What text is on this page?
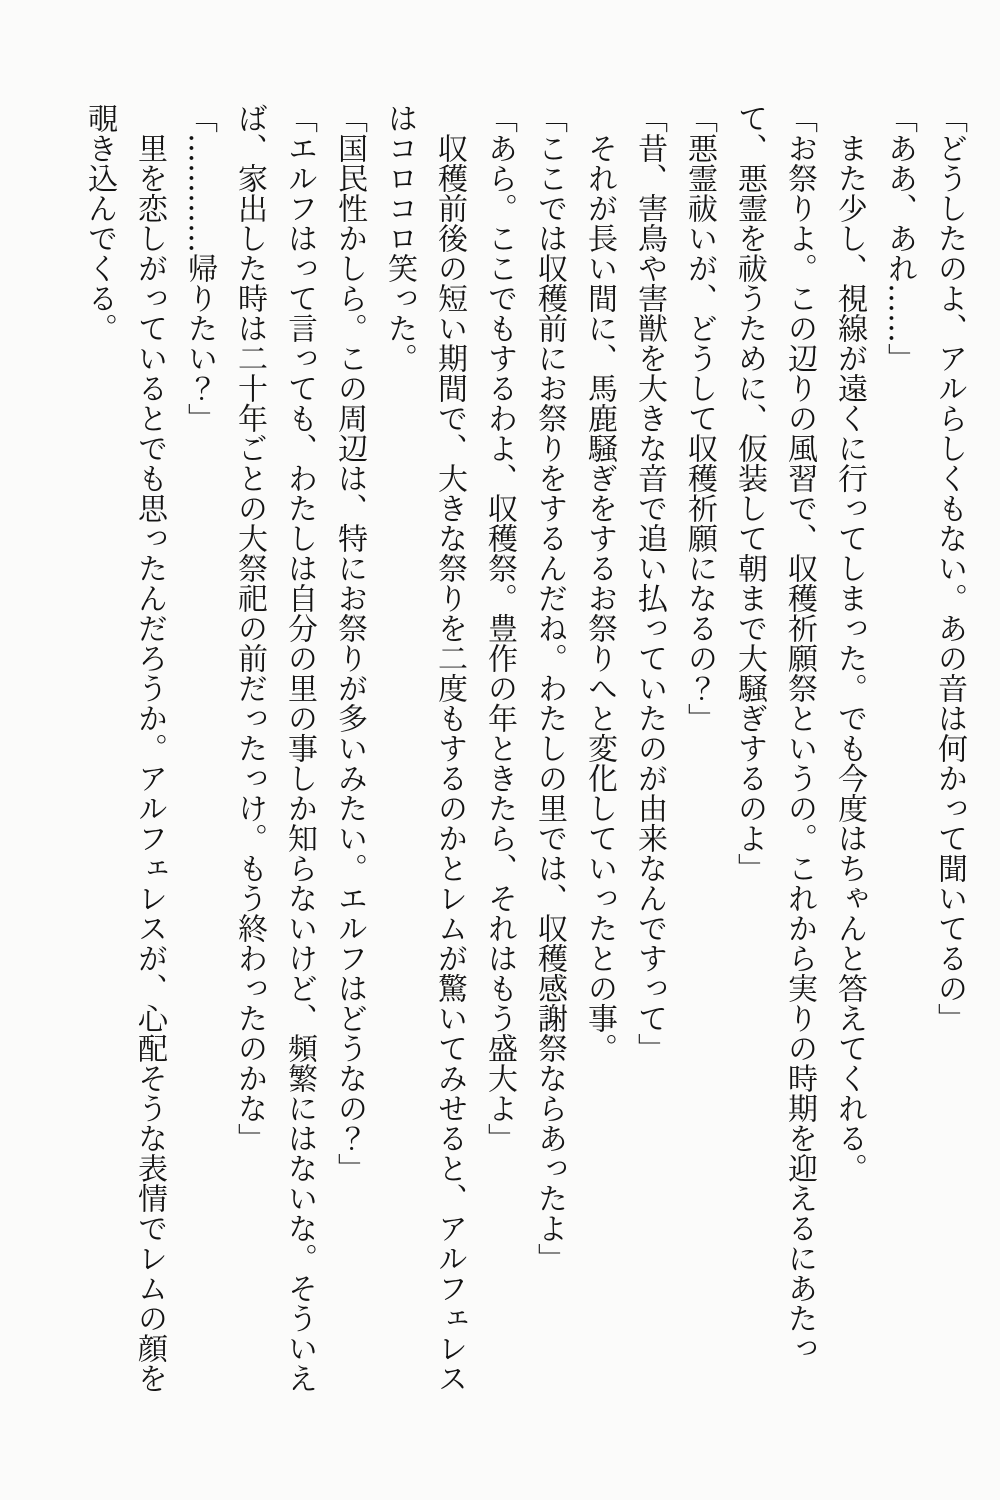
「どうしたのよ、アルらしくもない。あの音は何かって聞いてるの」

「ああ、あれ……」

また少し、視線が遠くに行ってしまった。でも今度はちゃんと答えてくれる。

「お祭りよ。この辺りの風習で、収穫祈願祭というの。これから実りの時期を迎えるにあたって、悪霊を祓うために、仮装して朝まで大騒ぎするのよ」

「悪霊祓いが、どうして収穫祈願になるの？」

「昔、害鳥や害獣を大きな音で追い払っていたのが由来なんですって」

それが長い間に、馬鹿騒ぎをするお祭りへと変化していったとの事。

「ここでは収穫前にお祭りをするんだね。わたしの里では、収穫感謝祭ならあったよ」

「あら。ここでもするわよ、収穫祭。豊作の年ときたら、それはもう盛大よ」

収穫前後の短い期間で、大きな祭りを二度もするのかとレムが驚いてみせると、アルフェレスはコロコロ笑った。

「国民性かしら。この周辺は、特にお祭りが多いみたい。エルフはどうなの？」

「エルフはって言っても、わたしは自分の里の事しか知らないけど、頻繁にはないな。そういえば、家出した時は二十年ごとの大祭祀の前だったっけ。もう終わったのかな」

「…………帰りたい？」

里を恋しがっているとでも思ったんだろうか。アルフェレスが、心配そうな表情でレムの顔を覗き込んでくる。
